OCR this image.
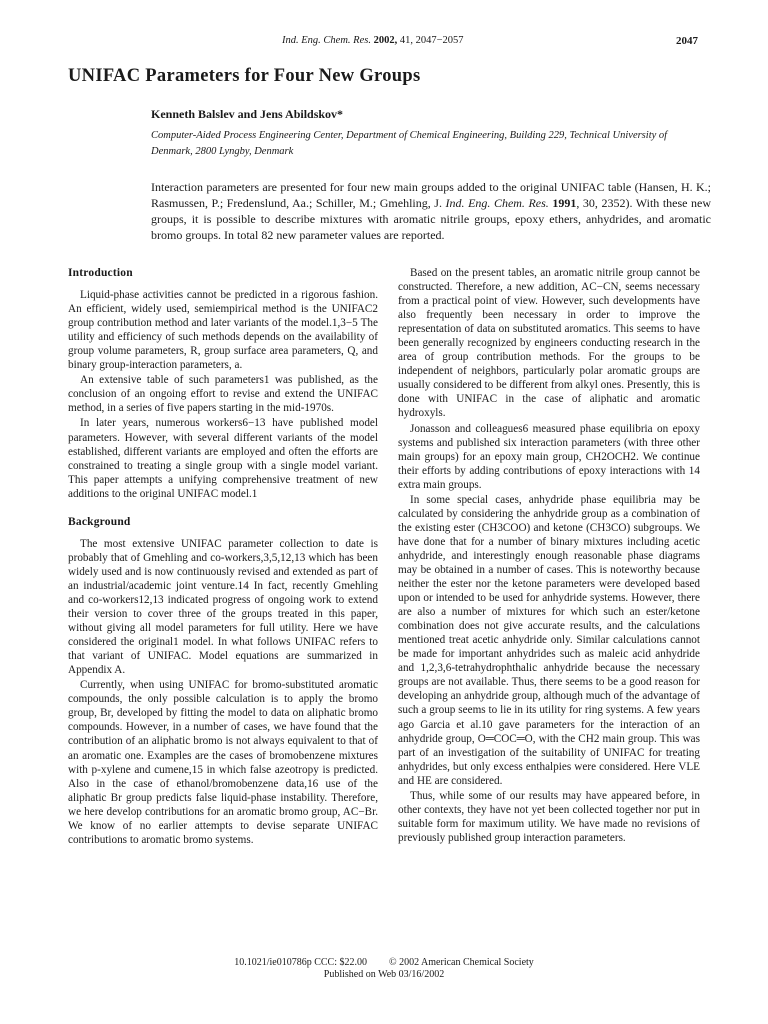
Ind. Eng. Chem. Res. 2002, 41, 2047−2057	2047
UNIFAC Parameters for Four New Groups
Kenneth Balslev and Jens Abildskov*
Computer-Aided Process Engineering Center, Department of Chemical Engineering, Building 229, Technical University of Denmark, 2800 Lyngby, Denmark
Interaction parameters are presented for four new main groups added to the original UNIFAC table (Hansen, H. K.; Rasmussen, P.; Fredenslund, Aa.; Schiller, M.; Gmehling, J. Ind. Eng. Chem. Res. 1991, 30, 2352). With these new groups, it is possible to describe mixtures with aromatic nitrile groups, epoxy ethers, anhydrides, and aromatic bromo groups. In total 82 new parameter values are reported.
Introduction

Liquid-phase activities cannot be predicted in a rigorous fashion. An efficient, widely used, semiempirical method is the UNIFAC2 group contribution method and later variants of the model.1,3−5 The utility and efficiency of such methods depends on the availability of group volume parameters, R, group surface area parameters, Q, and binary group-interaction parameters, a.

An extensive table of such parameters1 was published, as the conclusion of an ongoing effort to revise and extend the UNIFAC method, in a series of five papers starting in the mid-1970s.

In later years, numerous workers6−13 have published model parameters. However, with several different variants of the model established, different variants are employed and often the efforts are constrained to treating a single group with a single model variant. This paper attempts a unifying comprehensive treatment of new additions to the original UNIFAC model.1

Background

The most extensive UNIFAC parameter collection to date is probably that of Gmehling and co-workers,3,5,12,13 which has been widely used and is now continuously revised and extended as part of an industrial/academic joint venture.14 In fact, recently Gmehling and co-workers12,13 indicated progress of ongoing work to extend their version to cover three of the groups treated in this paper, without giving all model parameters for full utility. Here we have considered the original1 model. In what follows UNIFAC refers to that variant of UNIFAC. Model equations are summarized in Appendix A.

Currently, when using UNIFAC for bromo-substituted aromatic compounds, the only possible calculation is to apply the bromo group, Br, developed by fitting the model to data on aliphatic bromo compounds. However, in a number of cases, we have found that the contribution of an aliphatic bromo is not always equivalent to that of an aromatic one. Examples are the cases of bromobenzene mixtures with p-xylene and cumene,15 in which false azeotropy is predicted. Also in the case of ethanol/bromobenzene data,16 use of the aliphatic Br group predicts false liquid-phase instability. Therefore, we here develop contributions for an aromatic bromo group, AC−Br. We know of no earlier attempts to devise separate UNIFAC contributions to aromatic bromo systems.

Based on the present tables, an aromatic nitrile group cannot be constructed. Therefore, a new addition, AC−CN, seems necessary from a practical point of view. However, such developments have also frequently been necessary in order to improve the representation of data on substituted aromatics. This seems to have been generally recognized by engineers conducting research in the area of group contribution methods. For the groups to be independent of neighbors, particularly polar aromatic groups are usually considered to be different from alkyl ones. Presently, this is done with UNIFAC in the case of aliphatic and aromatic hydroxyls.

Jonasson and colleagues6 measured phase equilibria on epoxy systems and published six interaction parameters (with three other main groups) for an epoxy main group, CH2OCH2. We continue their efforts by adding contributions of epoxy interactions with 14 extra main groups.

In some special cases, anhydride phase equilibria may be calculated by considering the anhydride group as a combination of the existing ester (CH3COO) and ketone (CH3CO) subgroups. We have done that for a number of binary mixtures including acetic anhydride, and interestingly enough reasonable phase diagrams may be obtained in a number of cases. This is noteworthy because neither the ester nor the ketone parameters were developed based upon or intended to be used for anhydride systems. However, there are also a number of mixtures for which such an ester/ketone combination does not give accurate results, and the calculations mentioned treat acetic anhydride only. Similar calculations cannot be made for important anhydrides such as maleic acid anhydride and 1,2,3,6-tetrahydrophthalic anhydride because the necessary groups are not available. Thus, there seems to be a good reason for developing an anhydride group, although much of the advantage of such a group seems to lie in its utility for ring systems. A few years ago Garcia et al.10 gave parameters for the interaction of an anhydride group, O═COC═O, with the CH2 main group. This was part of an investigation of the suitability of UNIFAC for treating anhydrides, but only excess enthalpies were considered. Here VLE and HE are considered.

Thus, while some of our results may have appeared before, in other contexts, they have not yet been collected together nor put in suitable form for maximum utility. We have made no revisions of previously published group interaction parameters.

10.1021/ie010786p CCC: $22.00 © 2002 American Chemical Society
Published on Web 03/16/2002
